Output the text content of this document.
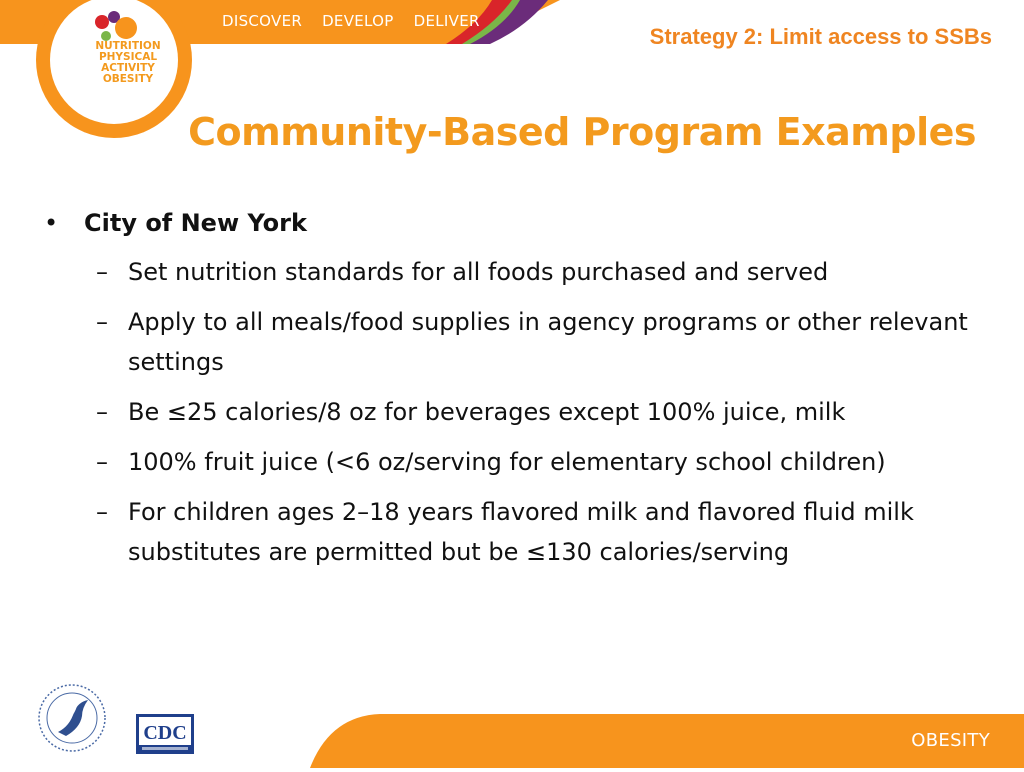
DISCOVER DEVELOP DELIVER
NUTRITION
PHYSICAL ACTIVITY
OBESITY
Strategy 2: Limit access to SSBs
Community-Based Program Examples
• City of New York
– Set nutrition standards for all foods purchased and served
– Apply to all meals/food supplies in agency programs or other relevant settings
– Be ≤25 calories/8 oz for beverages except 100% juice, milk
– 100% fruit juice (<6 oz/serving for elementary school children)
– For children ages 2–18 years flavored milk and flavored fluid milk substitutes are permitted but be ≤130 calories/serving
OBESITY
CDC
